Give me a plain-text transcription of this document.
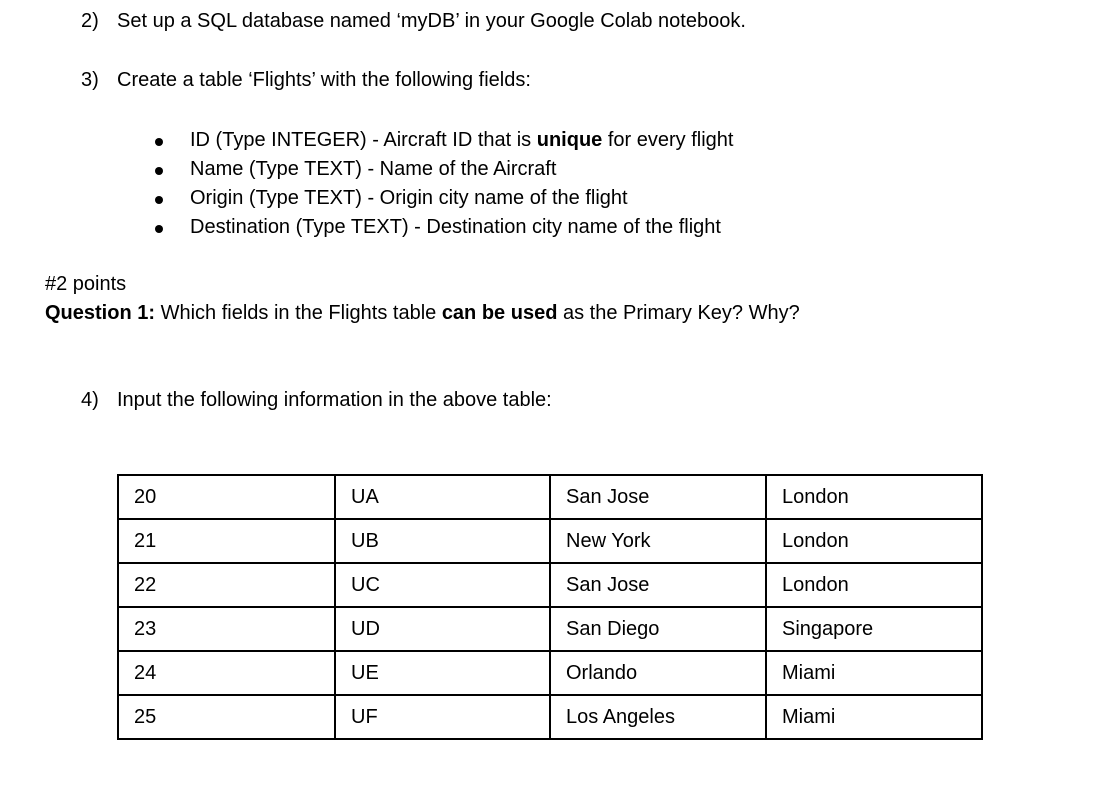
2) Set up a SQL database named ‘myDB’ in your Google Colab notebook.
3) Create a table ‘Flights’ with the following fields:
ID (Type INTEGER) - Aircraft ID that is unique for every flight
Name (Type TEXT) - Name of the Aircraft
Origin (Type TEXT) - Origin city name of the flight
Destination (Type TEXT) - Destination city name of the flight
#2 points
Question 1: Which fields in the Flights table can be used as the Primary Key? Why?
4) Input the following information in the above table:
20	UA	San Jose	London
21	UB	New York	London
22	UC	San Jose	London
23	UD	San Diego	Singapore
24	UE	Orlando	Miami
25	UF	Los Angeles	Miami
